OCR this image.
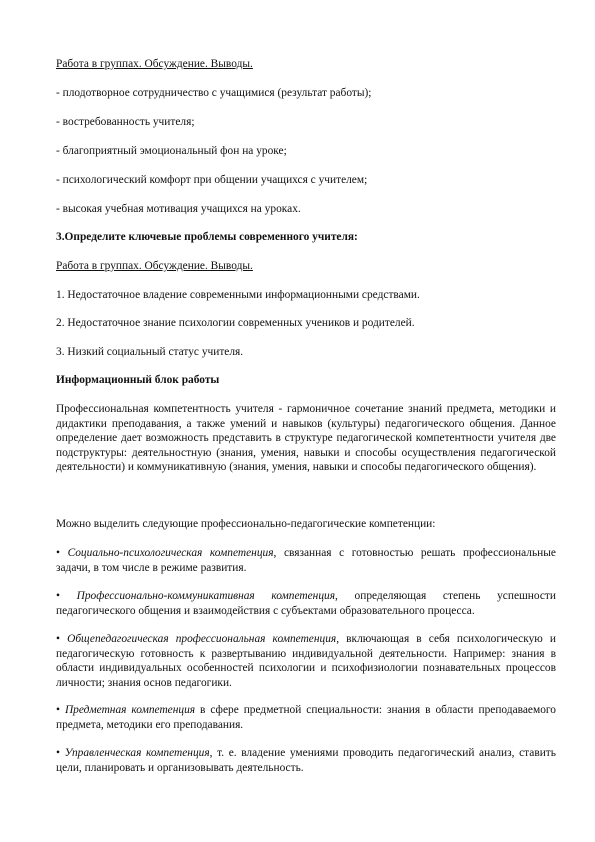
Работа в группах. Обсуждение. Выводы.

- плодотворное сотрудничество с учащимися (результат работы);

- востребованность учителя;

- благоприятный эмоциональный фон на уроке;

- психологический комфорт при общении учащихся с учителем;

- высокая учебная мотивация учащихся на уроках.

3.Определите ключевые проблемы современного учителя:

Работа в группах. Обсуждение. Выводы.

1. Недостаточное владение современными информационными средствами.

2. Недостаточное знание психологии современных учеников и родителей.

3. Низкий социальный статус учителя.

Информационный блок работы

Профессиональная компетентность учителя - гармоничное сочетание знаний предмета, методики и дидактики преподавания, а также умений и навыков (культуры) педагогического общения. Данное определение дает возможность представить в структуре педагогической компетентности учителя две подструктуры: деятельностную (знания, умения, навыки и способы осуществления педагогической деятельности) и коммуникативную (знания, умения, навыки и способы педагогического общения).

Можно выделить следующие профессионально-педагогические компетенции:

• Социально-психологическая компетенция, связанная с готовностью решать профессиональные задачи, в том числе в режиме развития.

• Профессионально-коммуникативная компетенция, определяющая степень успешности педагогического общения и взаимодействия с субъектами образовательного процесса.

• Общепедагогическая профессиональная компетенция, включающая в себя психологическую и педагогическую готовность к развертыванию индивидуальной деятельности. Например: знания в области индивидуальных особенностей психологии и психофизиологии познавательных процессов личности; знания основ педагогики.

• Предметная компетенция в сфере предметной специальности: знания в области преподаваемого предмета, методики его преподавания.

• Управленческая компетенция, т. е. владение умениями проводить педагогический анализ, ставить цели, планировать и организовывать деятельность.
